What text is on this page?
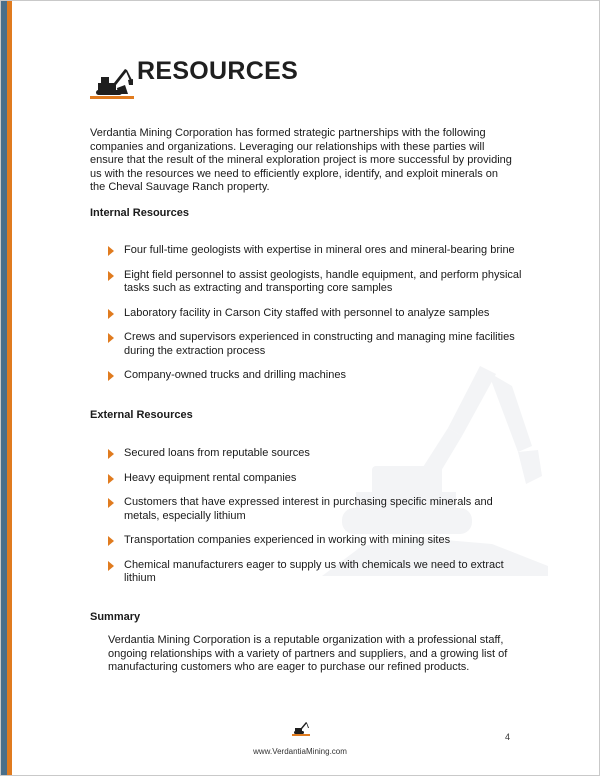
RESOURCES

Verdantia Mining Corporation has formed strategic partnerships with the following companies and organizations. Leveraging our relationships with these parties will ensure that the result of the mineral exploration project is more successful by providing us with the resources we need to efficiently explore, identify, and exploit minerals on the Cheval Sauvage Ranch property.

Internal Resources
Four full-time geologists with expertise in mineral ores and mineral-bearing brine
Eight field personnel to assist geologists, handle equipment, and perform physical tasks such as extracting and transporting core samples
Laboratory facility in Carson City staffed with personnel to analyze samples
Crews and supervisors experienced in constructing and managing mine facilities during the extraction process
Company-owned trucks and drilling machines
External Resources
Secured loans from reputable sources
Heavy equipment rental companies
Customers that have expressed interest in purchasing specific minerals and metals, especially lithium
Transportation companies experienced in working with mining sites
Chemical manufacturers eager to supply us with chemicals we need to extract lithium
Summary

Verdantia Mining Corporation is a reputable organization with a professional staff, ongoing relationships with a variety of partners and suppliers, and a growing list of manufacturing customers who are eager to purchase our refined products.

4
www.VerdantiaMining.com
